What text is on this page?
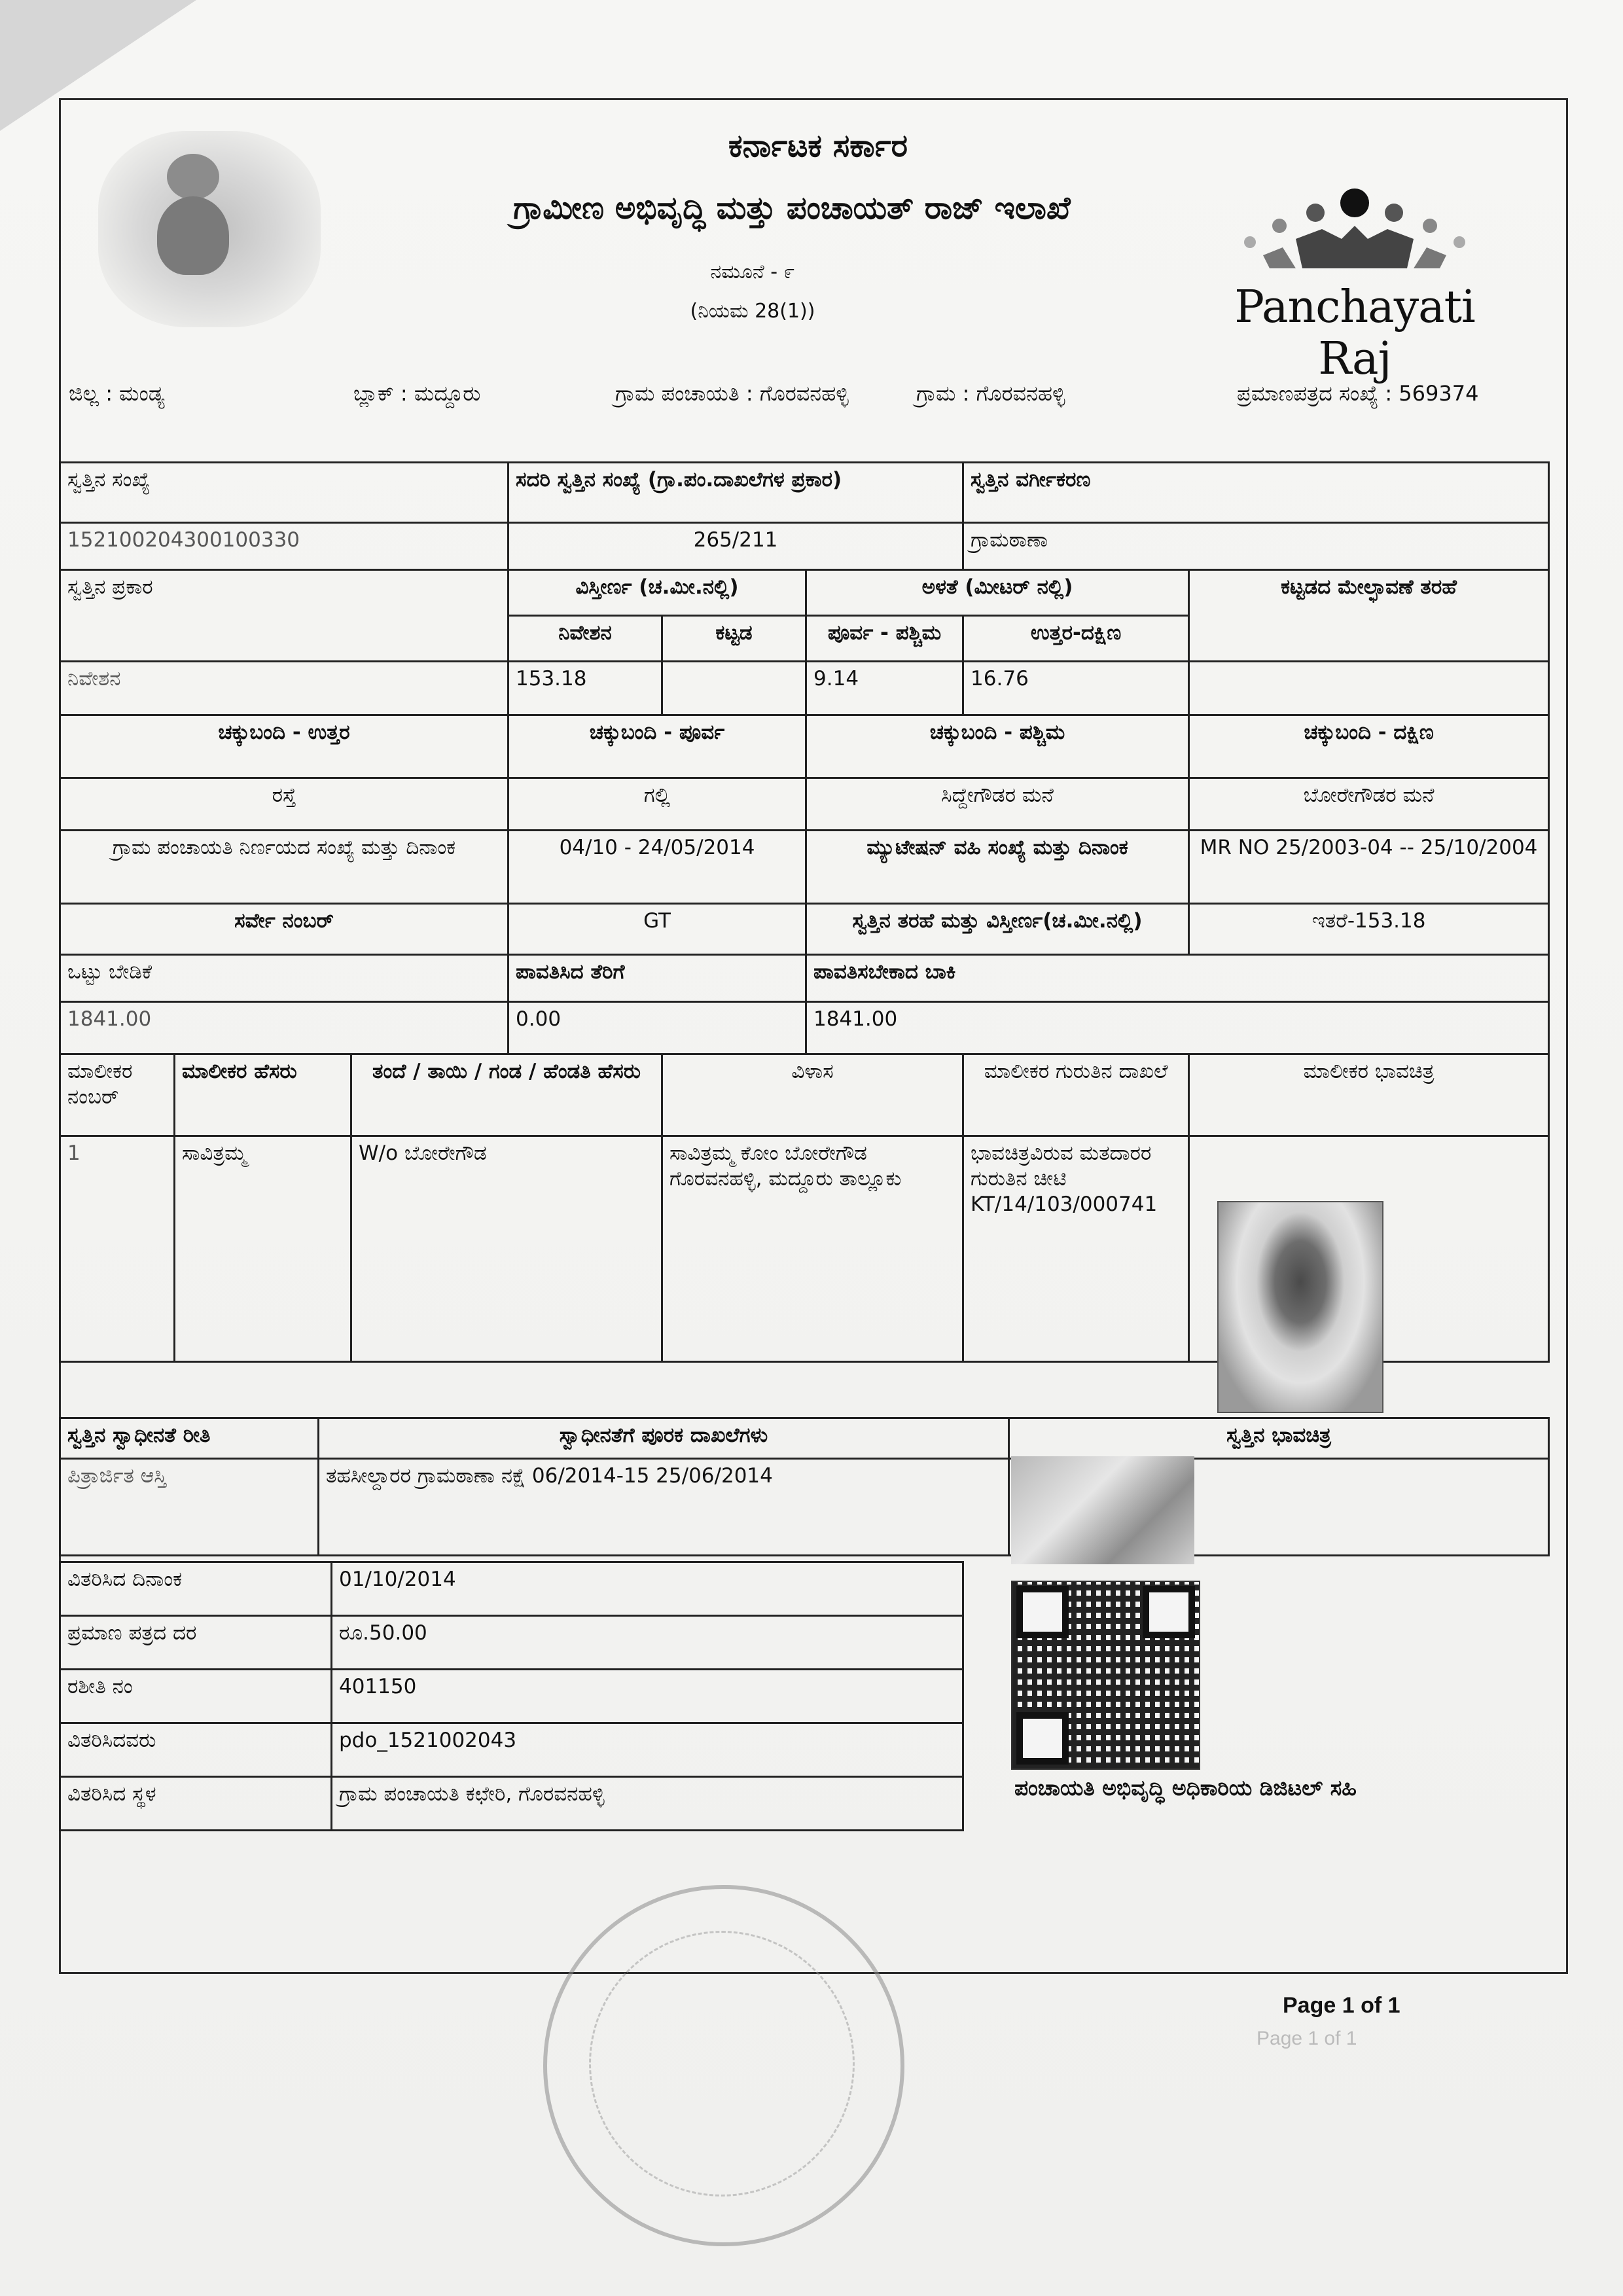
ಕರ್ನಾಟಕ ಸರ್ಕಾರ
ಗ್ರಾಮೀಣ ಅಭಿವೃದ್ಧಿ ಮತ್ತು ಪಂಚಾಯತ್ ರಾಜ್ ಇಲಾಖೆ
ನಮೂನೆ - ೯
(ನಿಯಮ 28(1))	Panchayati Raj
ಜಿಲ್ಲ : ಮಂಡ್ಯ	ಬ್ಲಾಕ್ : ಮದ್ದೂರು	ಗ್ರಾಮ ಪಂಚಾಯತಿ : ಗೊರವನಹಳ್ಳಿ	ಗ್ರಾಮ : ಗೊರವನಹಳ್ಳಿ	ಪ್ರಮಾಣಪತ್ರದ ಸಂಖ್ಯೆ : 569374
ಸ್ವತ್ತಿನ ಸಂಖ್ಯೆ			ಸದರಿ ಸ್ವತ್ತಿನ ಸಂಖ್ಯೆ (ಗ್ರಾ.ಪಂ.ದಾಖಲೆಗಳ ಪ್ರಕಾರ)			ಸ್ವತ್ತಿನ ವರ್ಗೀಕರಣ	
152100204300100330			265/211			ಗ್ರಾಮಠಾಣಾ	
ಸ್ವತ್ತಿನ ಪ್ರಕಾರ			ವಿಸ್ತೀರ್ಣ (ಚ.ಮೀ.ನಲ್ಲಿ)		ಅಳತೆ (ಮೀಟರ್ ನಲ್ಲಿ)		ಕಟ್ಟಡದ ಮೇಲ್ಛಾವಣೆ ತರಹೆ
			ನಿವೇಶನ	ಕಟ್ಟಡ	ಪೂರ್ವ - ಪಶ್ಚಿಮ	ಉತ್ತರ-ದಕ್ಷಿಣ	
ನಿವೇಶನ			153.18		9.14	16.76	
ಚಕ್ಕುಬಂದಿ - ಉತ್ತರ			ಚಕ್ಕುಬಂದಿ - ಪೂರ್ವ		ಚಕ್ಕುಬಂದಿ - ಪಶ್ಚಿಮ		ಚಕ್ಕುಬಂದಿ - ದಕ್ಷಿಣ
ರಸ್ತೆ			ಗಲ್ಲಿ		ಸಿದ್ದೇಗೌಡರ ಮನೆ		ಬೋರೇಗೌಡರ ಮನೆ
ಗ್ರಾಮ ಪಂಚಾಯತಿ ನಿರ್ಣಯದ ಸಂಖ್ಯೆ ಮತ್ತು ದಿನಾಂಕ			04/10 - 24/05/2014		ಮ್ಯುಟೇಷನ್ ವಹಿ ಸಂಖ್ಯೆ ಮತ್ತು ದಿನಾಂಕ		MR NO 25/2003-04 -- 25/10/2004
ಸರ್ವೇ ನಂಬರ್			GT		ಸ್ವತ್ತಿನ ತರಹೆ ಮತ್ತು ವಿಸ್ತೀರ್ಣ(ಚ.ಮೀ.ನಲ್ಲಿ)		ಇತರೆ-153.18
ಒಟ್ಟು ಬೇಡಿಕೆ			ಪಾವತಿಸಿದ ತೆರಿಗೆ		ಪಾವತಿಸಬೇಕಾದ ಬಾಕಿ		
1841.00			0.00		1841.00		
ಮಾಲೀಕರ ನಂಬರ್	ಮಾಲೀಕರ ಹೆಸರು	ತಂದೆ / ತಾಯಿ / ಗಂಡ / ಹೆಂಡತಿ ಹೆಸರು		ವಿಳಾಸ		ಮಾಲೀಕರ ಗುರುತಿನ ದಾಖಲೆ	ಮಾಲೀಕರ ಭಾವಚಿತ್ರ
1	ಸಾವಿತ್ರಮ್ಮ	W/o ಬೋರೇಗೌಡ		ಸಾವಿತ್ರಮ್ಮ ಕೋಂ ಬೋರೇಗೌಡ ಗೊರವನಹಳ್ಳಿ, ಮದ್ದೂರು ತಾಲ್ಲೂಕು		ಭಾವಚಿತ್ರವಿರುವ ಮತದಾರರ ಗುರುತಿನ ಚೀಟಿ KT/14/103/000741	
ಸ್ವತ್ತಿನ ಸ್ವಾಧೀನತೆ ರೀತಿ	ಸ್ವಾಧೀನತೆಗೆ ಪೂರಕ ದಾಖಲೆಗಳು	ಸ್ವತ್ತಿನ ಭಾವಚಿತ್ರ
ಪಿತ್ರಾರ್ಜಿತ ಆಸ್ತಿ	ತಹಸೀಲ್ದಾರರ ಗ್ರಾಮಠಾಣಾ ನಕ್ಷೆ 06/2014-15 25/06/2014	
ವಿತರಿಸಿದ ದಿನಾಂಕ	01/10/2014
ಪ್ರಮಾಣ ಪತ್ರದ ದರ	ರೂ.50.00
ರಶೀತಿ ನಂ	401150
ವಿತರಿಸಿದವರು	pdo_1521002043
ವಿತರಿಸಿದ ಸ್ಥಳ	ಗ್ರಾಮ ಪಂಚಾಯತಿ ಕಛೇರಿ, ಗೊರವನಹಳ್ಳಿ	ಪಂಚಾಯತಿ ಅಭಿವೃದ್ಧಿ ಅಧಿಕಾರಿಯ ಡಿಜಿಟಲ್ ಸಹಿ
Page 1 of 1
Page 1 of 1
